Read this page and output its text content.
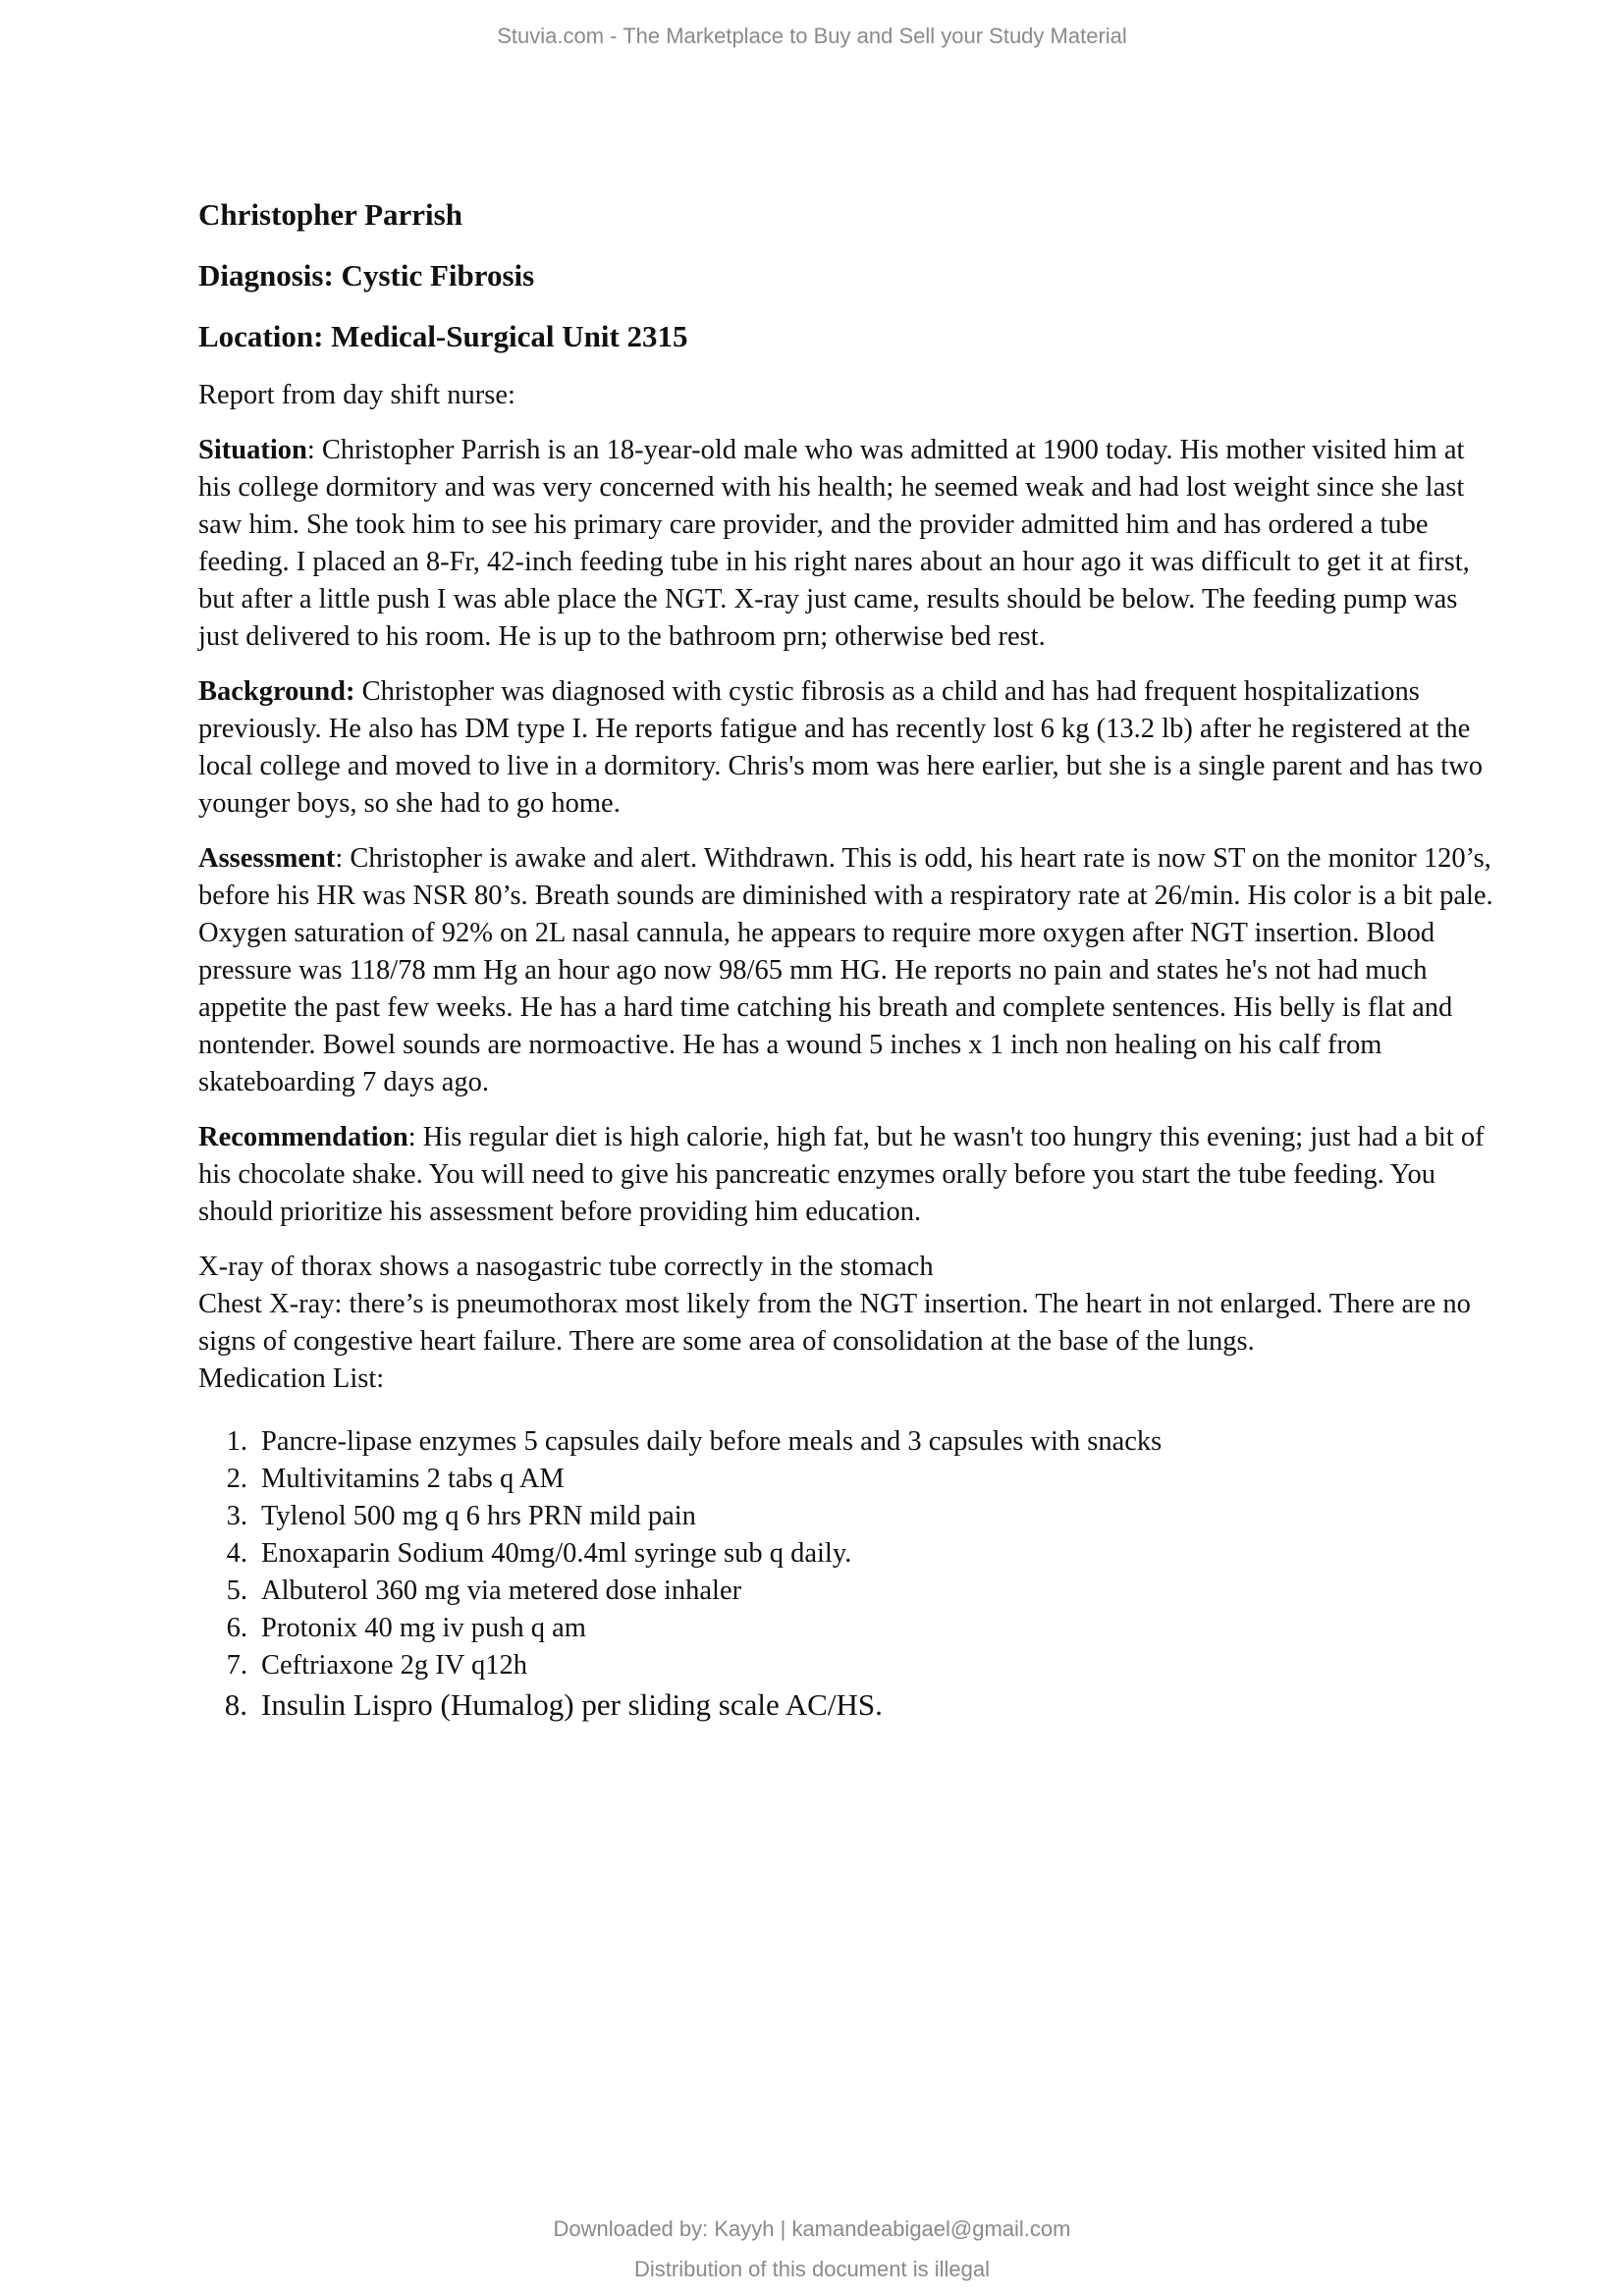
Stuvia.com - The Marketplace to Buy and Sell your Study Material
Christopher Parrish
Diagnosis: Cystic Fibrosis
Location: Medical-Surgical Unit 2315

Report from day shift nurse:

Situation: Christopher Parrish is an 18-year-old male who was admitted at 1900 today. His mother visited him at his college dormitory and was very concerned with his health; he seemed weak and had lost weight since she last saw him. She took him to see his primary care provider, and the provider admitted him and has ordered a tube feeding. I placed an 8-Fr, 42-inch feeding tube in his right nares about an hour ago it was difficult to get it at first, but after a little push I was able place the NGT. X-ray just came, results should be below. The feeding pump was just delivered to his room. He is up to the bathroom prn; otherwise bed rest.

Background: Christopher was diagnosed with cystic fibrosis as a child and has had frequent hospitalizations previously. He also has DM type I. He reports fatigue and has recently lost 6 kg (13.2 lb) after he registered at the local college and moved to live in a dormitory. Chris's mom was here earlier, but she is a single parent and has two younger boys, so she had to go home.

Assessment: Christopher is awake and alert. Withdrawn. This is odd, his heart rate is now ST on the monitor 120’s, before his HR was NSR 80’s. Breath sounds are diminished with a respiratory rate at 26/min. His color is a bit pale. Oxygen saturation of 92% on 2L nasal cannula, he appears to require more oxygen after NGT insertion. Blood pressure was 118/78 mm Hg an hour ago now 98/65 mm HG. He reports no pain and states he's not had much appetite the past few weeks. He has a hard time catching his breath and complete sentences. His belly is flat and nontender. Bowel sounds are normoactive. He has a wound 5 inches x 1 inch non healing on his calf from skateboarding 7 days ago.

Recommendation: His regular diet is high calorie, high fat, but he wasn't too hungry this evening; just had a bit of his chocolate shake. You will need to give his pancreatic enzymes orally before you start the tube feeding. You should prioritize his assessment before providing him education.

X-ray of thorax shows a nasogastric tube correctly in the stomach

Chest X-ray: there’s is pneumothorax most likely from the NGT insertion. The heart in not enlarged. There are no signs of congestive heart failure. There are some area of consolidation at the base of the lungs.

Medication List:

1. Pancre-lipase enzymes 5 capsules daily before meals and 3 capsules with snacks
2. Multivitamins 2 tabs q AM
3. Tylenol 500 mg q 6 hrs PRN mild pain
4. Enoxaparin Sodium 40mg/0.4ml syringe sub q daily.
5. Albuterol 360 mg via metered dose inhaler
6. Protonix 40 mg iv push q am
7. Ceftriaxone 2g IV q12h
8. Insulin Lispro (Humalog) per sliding scale AC/HS.
Downloaded by: Kayyh | kamandeabigael@gmail.com
Distribution of this document is illegal
